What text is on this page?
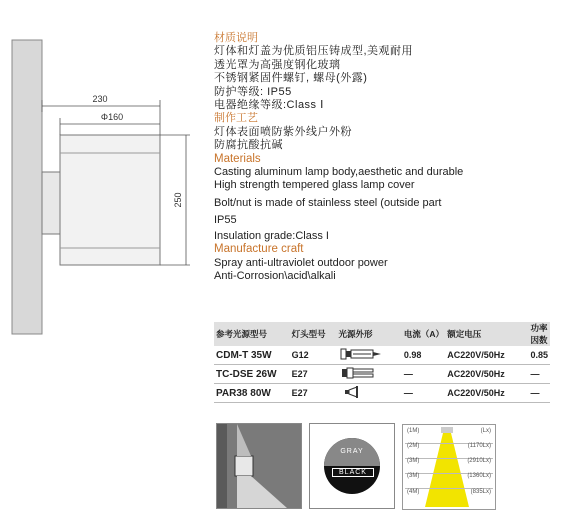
230
Φ160
250
材质说明
灯体和灯盖为优质铝压铸成型,美观耐用
透光罩为高强度钢化玻璃
不锈钢紧固件螺钉, 螺母(外露)
防护等级: IP55
电器绝缘等级:Class Ⅰ
制作工艺
灯体表面喷防紫外线户外粉
防腐抗酸抗碱
Materials
Casting aluminum lamp body,aesthetic and durable
High strength tempered glass lamp cover
Bolt/nut is made of stainless steel (outside part
IP55
Insulation grade:Class I
Manufacture craft
Spray anti-ultraviolet outdoor power
Anti-Corrosion\acid\alkali
参考光源型号	灯头型号	光源外形	电流（A）	额定电压	功率因数
CDM-T 35W	G12		0.98	AC220V/50Hz	0.85
TC-DSE 26W	E27		—	AC220V/50Hz	—
PAR38 80W	E27		—	AC220V/50Hz	—
GRAY
BLACK
(1M)	(Lx)
(2M)	(1170Lx)
(3M)	(2910Lx)
(3M)	(1360Lx)
(4M)	(835Lx)
